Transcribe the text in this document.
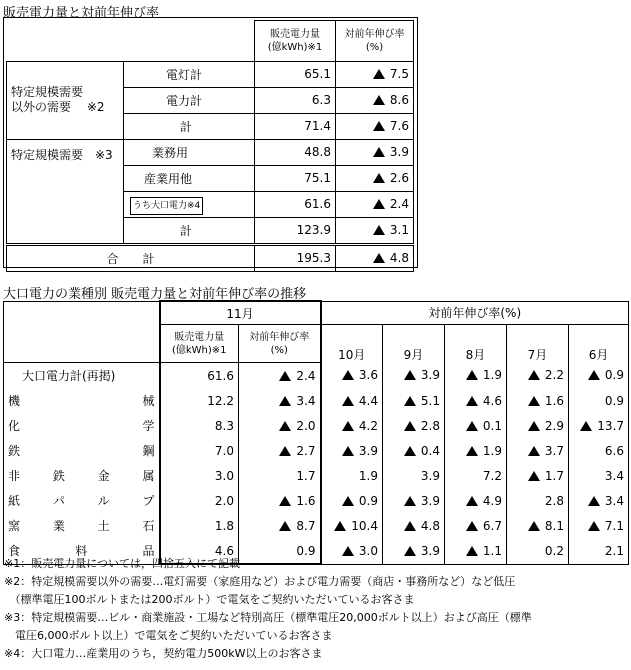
販売電力量と対前年伸び率
		販売電力量
(億kWh)※1	対前年伸び率
(%)
特定規模需要
以外の需要　 ※2	電灯計	65.1	7.5
	電力計	6.3	8.6
	計	71.4	7.6
特定規模需要　※3	業務用	48.8	3.9
	産業用他	75.1	2.6
	うち大口電力※4	61.6	2.4
	計	123.9	3.1
合　　計		195.3	4.8
大口電力の業種別 販売電力量と対前年伸び率の推移
	11月		対前年伸び率(%)				
	販売電力量
(億kWh)※1	対前年伸び率
(%)	10月	9月	8月	7月	6月
大口電力計(再掲)	61.6	2.4	3.6	3.9	1.9	2.2	0.9

機 械	12.2	3.4	4.4	5.1	4.6	1.6	0.9

化 学	8.3	2.0	4.2	2.8	0.1	2.9	13.7

鉄 鋼	7.0	2.7	3.9	0.4	1.9	3.7	6.6

非 鉄 金 属	3.0	1.7	1.9	3.9	7.2	1.7	3.4

紙 パ ル プ	2.0	1.6	0.9	3.9	4.9	2.8	3.4

窯 業 土 石	1.8	8.7	10.4	4.8	6.7	8.1	7.1

食 料 品	4.6	0.9	3.0	3.9	1.1	0.2	2.1
※1：販売電力量については，四捨五入にて記載
※2：特定規模需要以外の需要…電灯需要（家庭用など）および電力需要（商店・事務所など）など低圧
　（標準電圧100ボルトまたは200ボルト）で電気をご契約いただいているお客さま
※3：特定規模需要…ビル・商業施設・工場など特別高圧（標準電圧20,000ボルト以上）および高圧（標準
　電圧6,000ボルト以上）で電気をご契約いただいているお客さま
※4：大口電力…産業用のうち，契約電力500kW以上のお客さま
